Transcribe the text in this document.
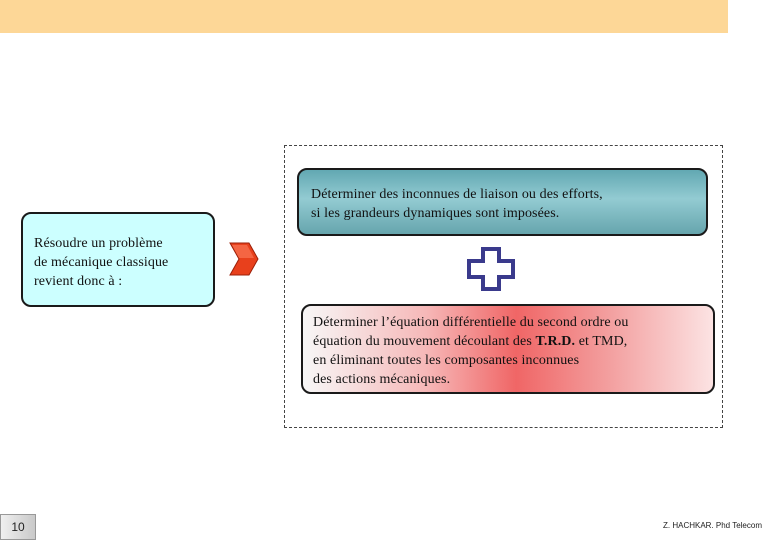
Résoudre un problème
de mécanique classique
revient donc à :
Déterminer des inconnues de liaison ou des efforts,
si les grandeurs dynamiques sont imposées.
Déterminer l’équation différentielle du second ordre ou
équation du mouvement découlant des T.R.D. et TMD,
en éliminant toutes les composantes inconnues
des actions mécaniques.
10	Z. HACHKAR. Phd Telecom
